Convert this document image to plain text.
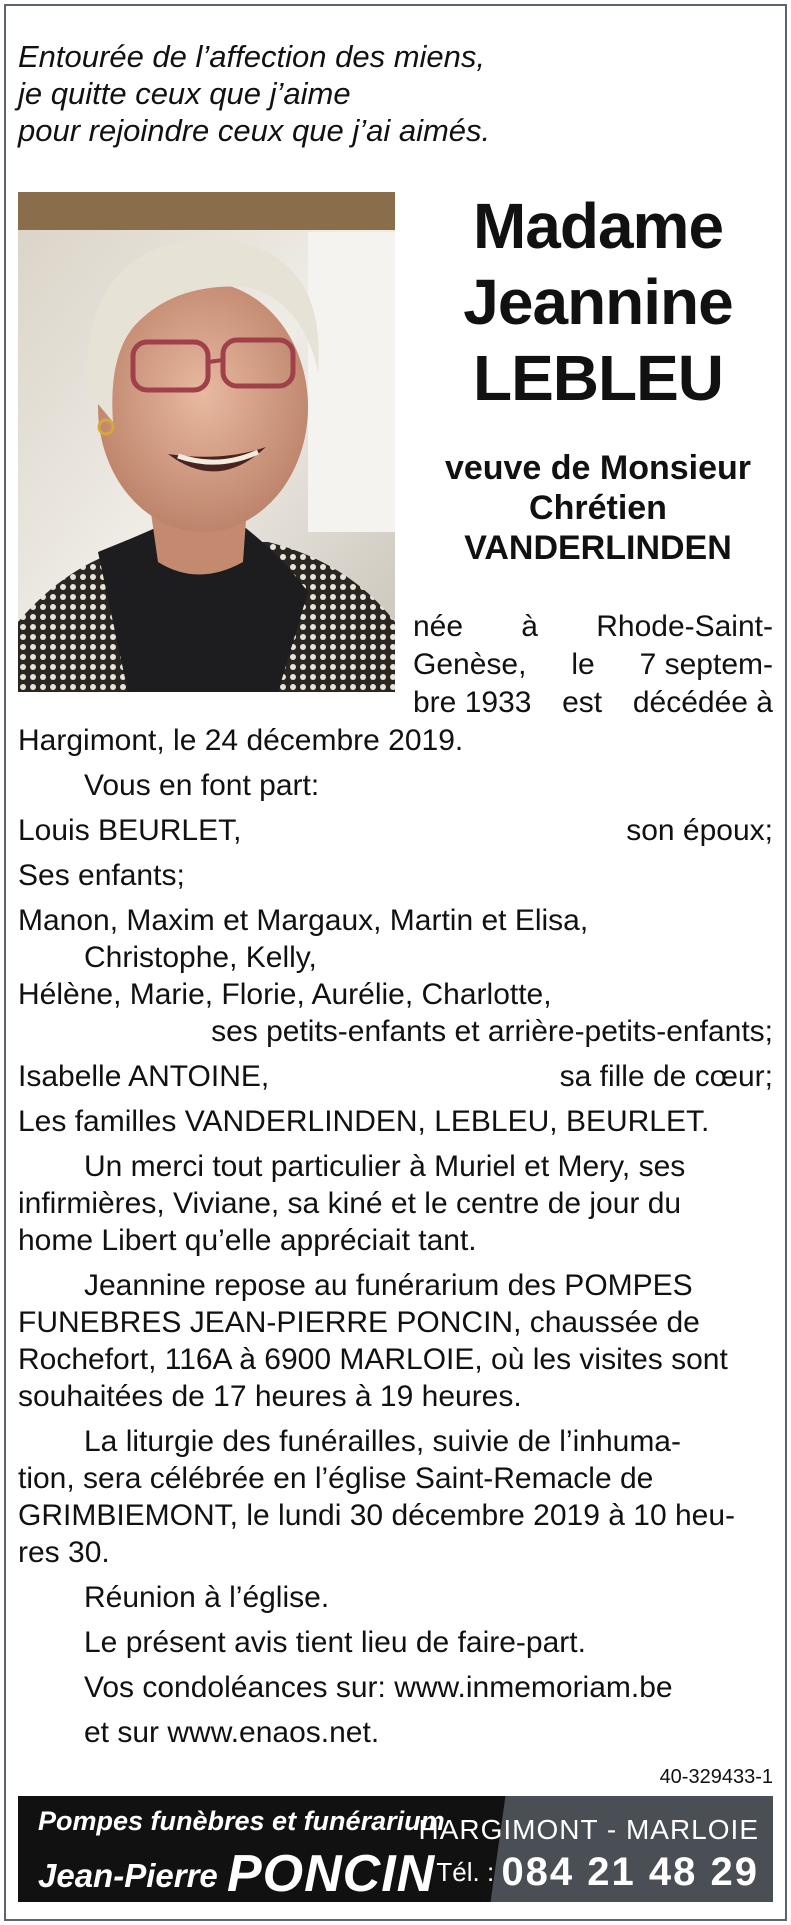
Entourée de l’affection des miens,
je quitte ceux que j’aime
pour rejoindre ceux que j’ai aimés.
Madame
Jeannine
LEBLEU
veuve de Monsieur
Chrétien
VANDERLINDEN
née à Rhode-Saint-
Genèse, le 7 septem-
bre 1933 est décédée à
Hargimont, le 24 décembre 2019.
Vous en font part:
Louis BEURLET,	son époux;
Ses enfants;
Manon, Maxim et Margaux, Martin et Elisa,
Christophe, Kelly,
Hélène, Marie, Florie, Aurélie, Charlotte,
ses petits-enfants et arrière-petits-enfants;
Isabelle ANTOINE,	sa fille de cœur;
Les familles VANDERLINDEN, LEBLEU, BEURLET.
Un merci tout particulier à Muriel et Mery, ses
infirmières, Viviane, sa kiné et le centre de jour du
home Libert qu’elle appréciait tant.
Jeannine repose au funérarium des POMPES
FUNEBRES JEAN-PIERRE PONCIN, chaussée de
Rochefort, 116A à 6900 MARLOIE, où les visites sont
souhaitées de 17 heures à 19 heures.
La liturgie des funérailles, suivie de l’inhuma-
tion, sera célébrée en l’église Saint-Remacle de
GRIMBIEMONT, le lundi 30 décembre 2019 à 10 heu-
res 30.
Réunion à l’église.
Le présent avis tient lieu de faire-part.
Vos condoléances sur: www.inmemoriam.be
et sur www.enaos.net.
40-329433-1
Pompes funèbres et funérarium
Jean-Pierre PONCIN
HARGIMONT - MARLOIE
Tél. : 084 21 48 29
